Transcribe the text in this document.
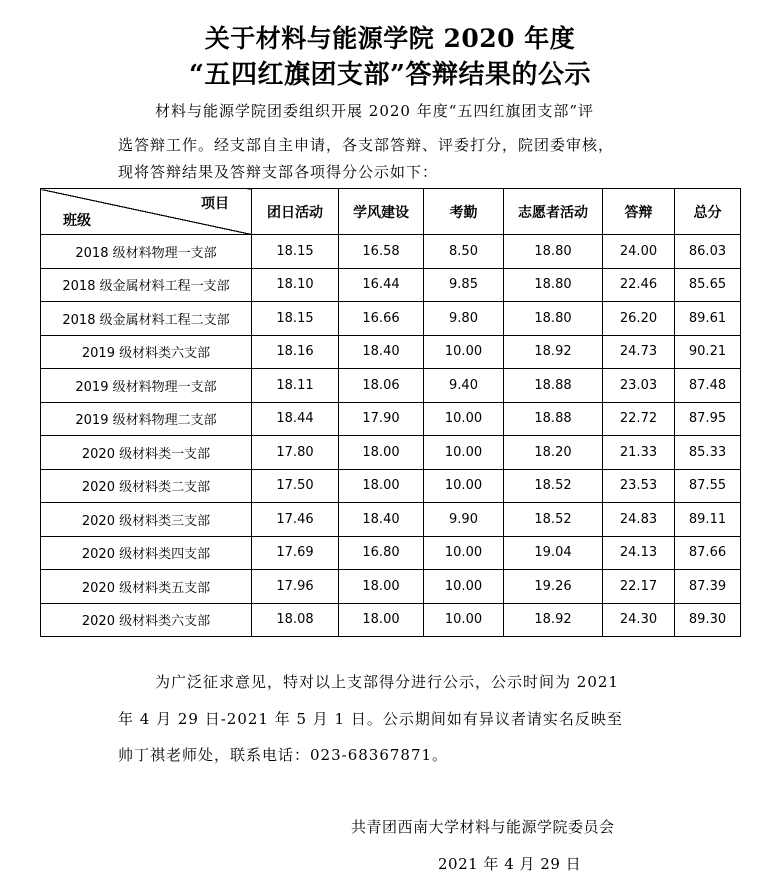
关于材料与能源学院 2020 年度
“五四红旗团支部”答辩结果的公示
材料与能源学院团委组织开展 2020 年度“五四红旗团支部”评
选答辩工作。经支部自主申请，各支部答辩、评委打分，院团委审核，
现将答辩结果及答辩支部各项得分公示如下：
项目
班级	团日活动	学风建设	考勤	志愿者活动	答辩	总分
2018 级材料物理一支部	18.15	16.58	8.50	18.80	24.00	86.03
2018 级金属材料工程一支部	18.10	16.44	9.85	18.80	22.46	85.65
2018 级金属材料工程二支部	18.15	16.66	9.80	18.80	26.20	89.61
2019 级材料类六支部	18.16	18.40	10.00	18.92	24.73	90.21
2019 级材料物理一支部	18.11	18.06	9.40	18.88	23.03	87.48
2019 级材料物理二支部	18.44	17.90	10.00	18.88	22.72	87.95
2020 级材料类一支部	17.80	18.00	10.00	18.20	21.33	85.33
2020 级材料类二支部	17.50	18.00	10.00	18.52	23.53	87.55
2020 级材料类三支部	17.46	18.40	9.90	18.52	24.83	89.11
2020 级材料类四支部	17.69	16.80	10.00	19.04	24.13	87.66
2020 级材料类五支部	17.96	18.00	10.00	19.26	22.17	87.39
2020 级材料类六支部	18.08	18.00	10.00	18.92	24.30	89.30
为广泛征求意见，特对以上支部得分进行公示，公示时间为 2021
年 4 月 29 日-2021 年 5 月 1 日。公示期间如有异议者请实名反映至
帅丁祺老师处，联系电话：023-68367871。
共青团西南大学材料与能源学院委员会
2021 年 4 月 29 日
